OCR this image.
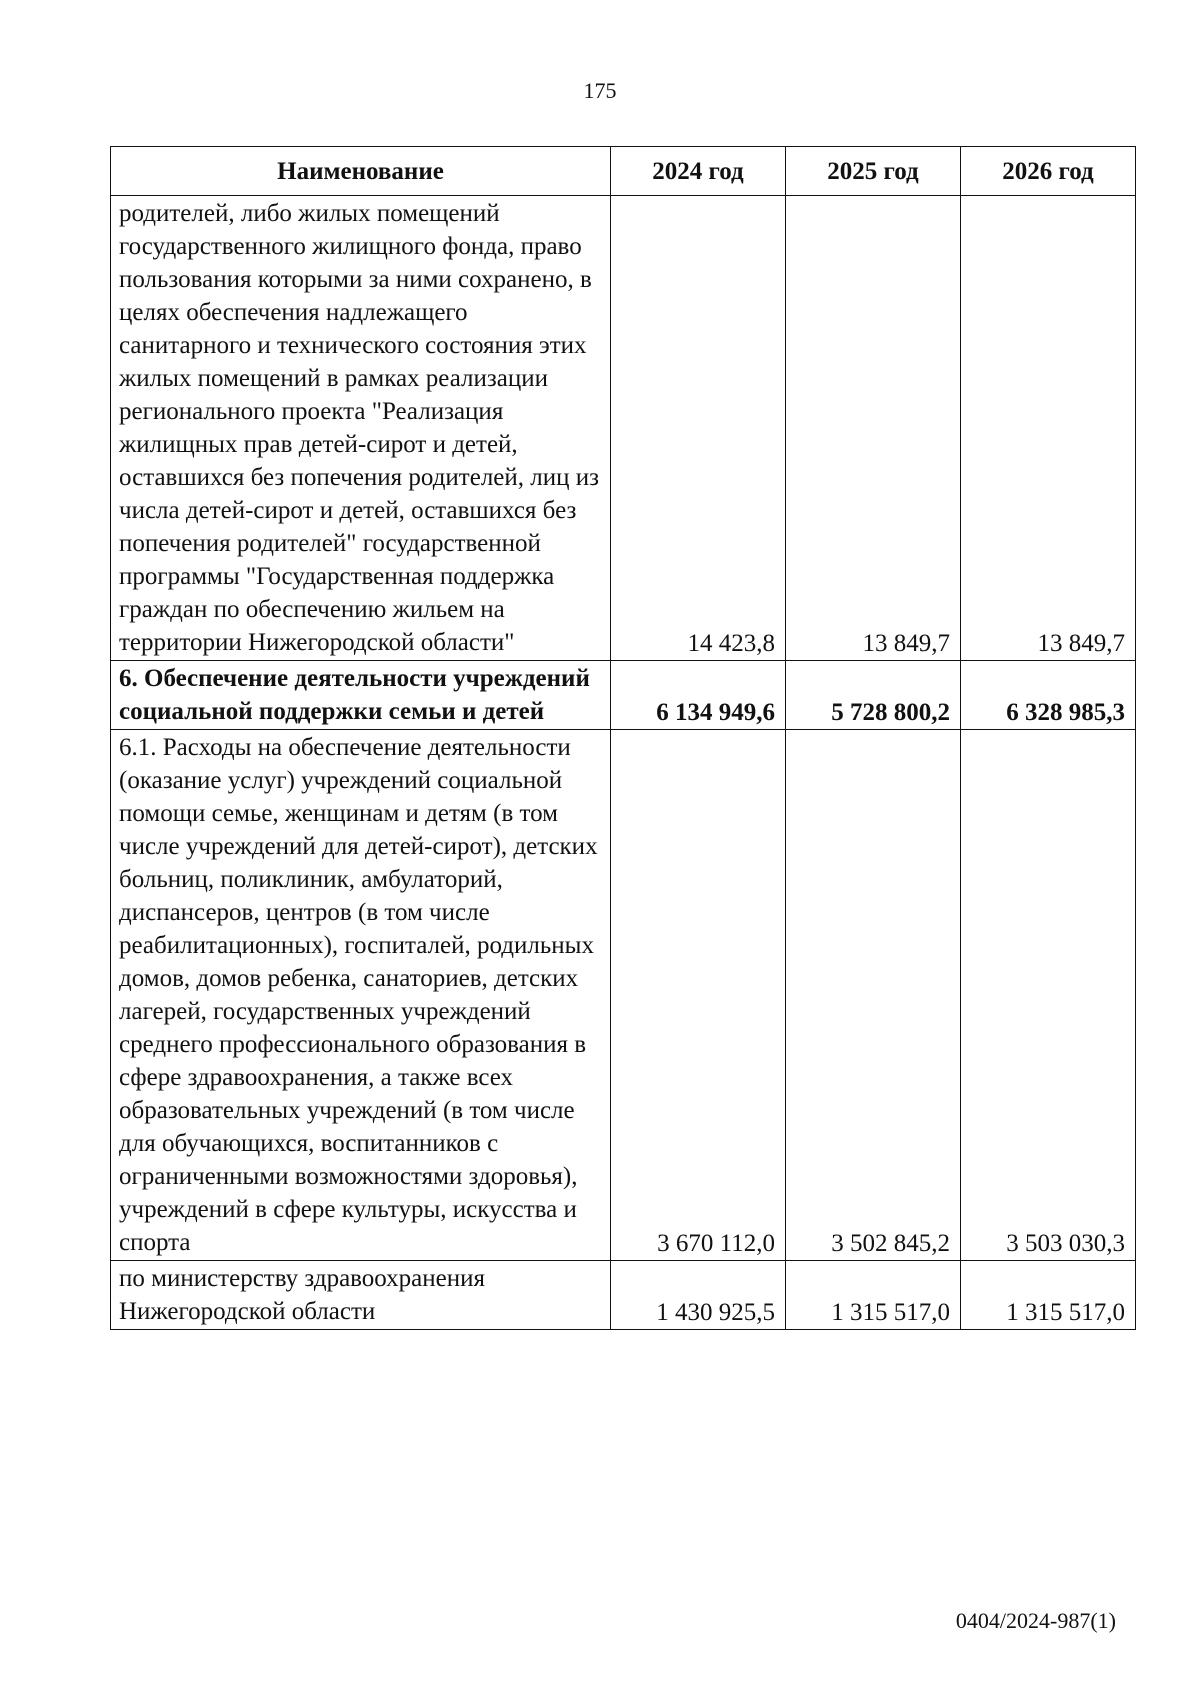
175
Наименование	2024 год	2025 год	2026 год
родителей, либо жилых помещений государственного жилищного фонда, право пользования которыми за ними сохранено, в целях обеспечения надлежащего санитарного и технического состояния этих жилых помещений в рамках реализации регионального проекта "Реализация жилищных прав детей-сирот и детей, оставшихся без попечения родителей, лиц из числа детей-сирот и детей, оставшихся без попечения родителей" государственной программы "Государственная поддержка граждан по обеспечению жильем на территории Нижегородской области"	14 423,8	13 849,7	13 849,7
6. Обеспечение деятельности учреждений социальной поддержки семьи и детей	6 134 949,6	5 728 800,2	6 328 985,3
6.1. Расходы на обеспечение деятельности (оказание услуг) учреждений социальной помощи семье, женщинам и детям (в том числе учреждений для детей-сирот), детских больниц, поликлиник, амбулаторий, диспансеров, центров (в том числе реабилитационных), госпиталей, родильных домов, домов ребенка, санаториев, детских лагерей, государственных учреждений среднего профессионального образования в сфере здравоохранения, а также всех образовательных учреждений (в том числе для обучающихся, воспитанников с ограниченными возможностями здоровья), учреждений в сфере культуры, искусства и спорта	3 670 112,0	3 502 845,2	3 503 030,3
по министерству здравоохранения Нижегородской области	1 430 925,5	1 315 517,0	1 315 517,0
0404/2024-987(1)
